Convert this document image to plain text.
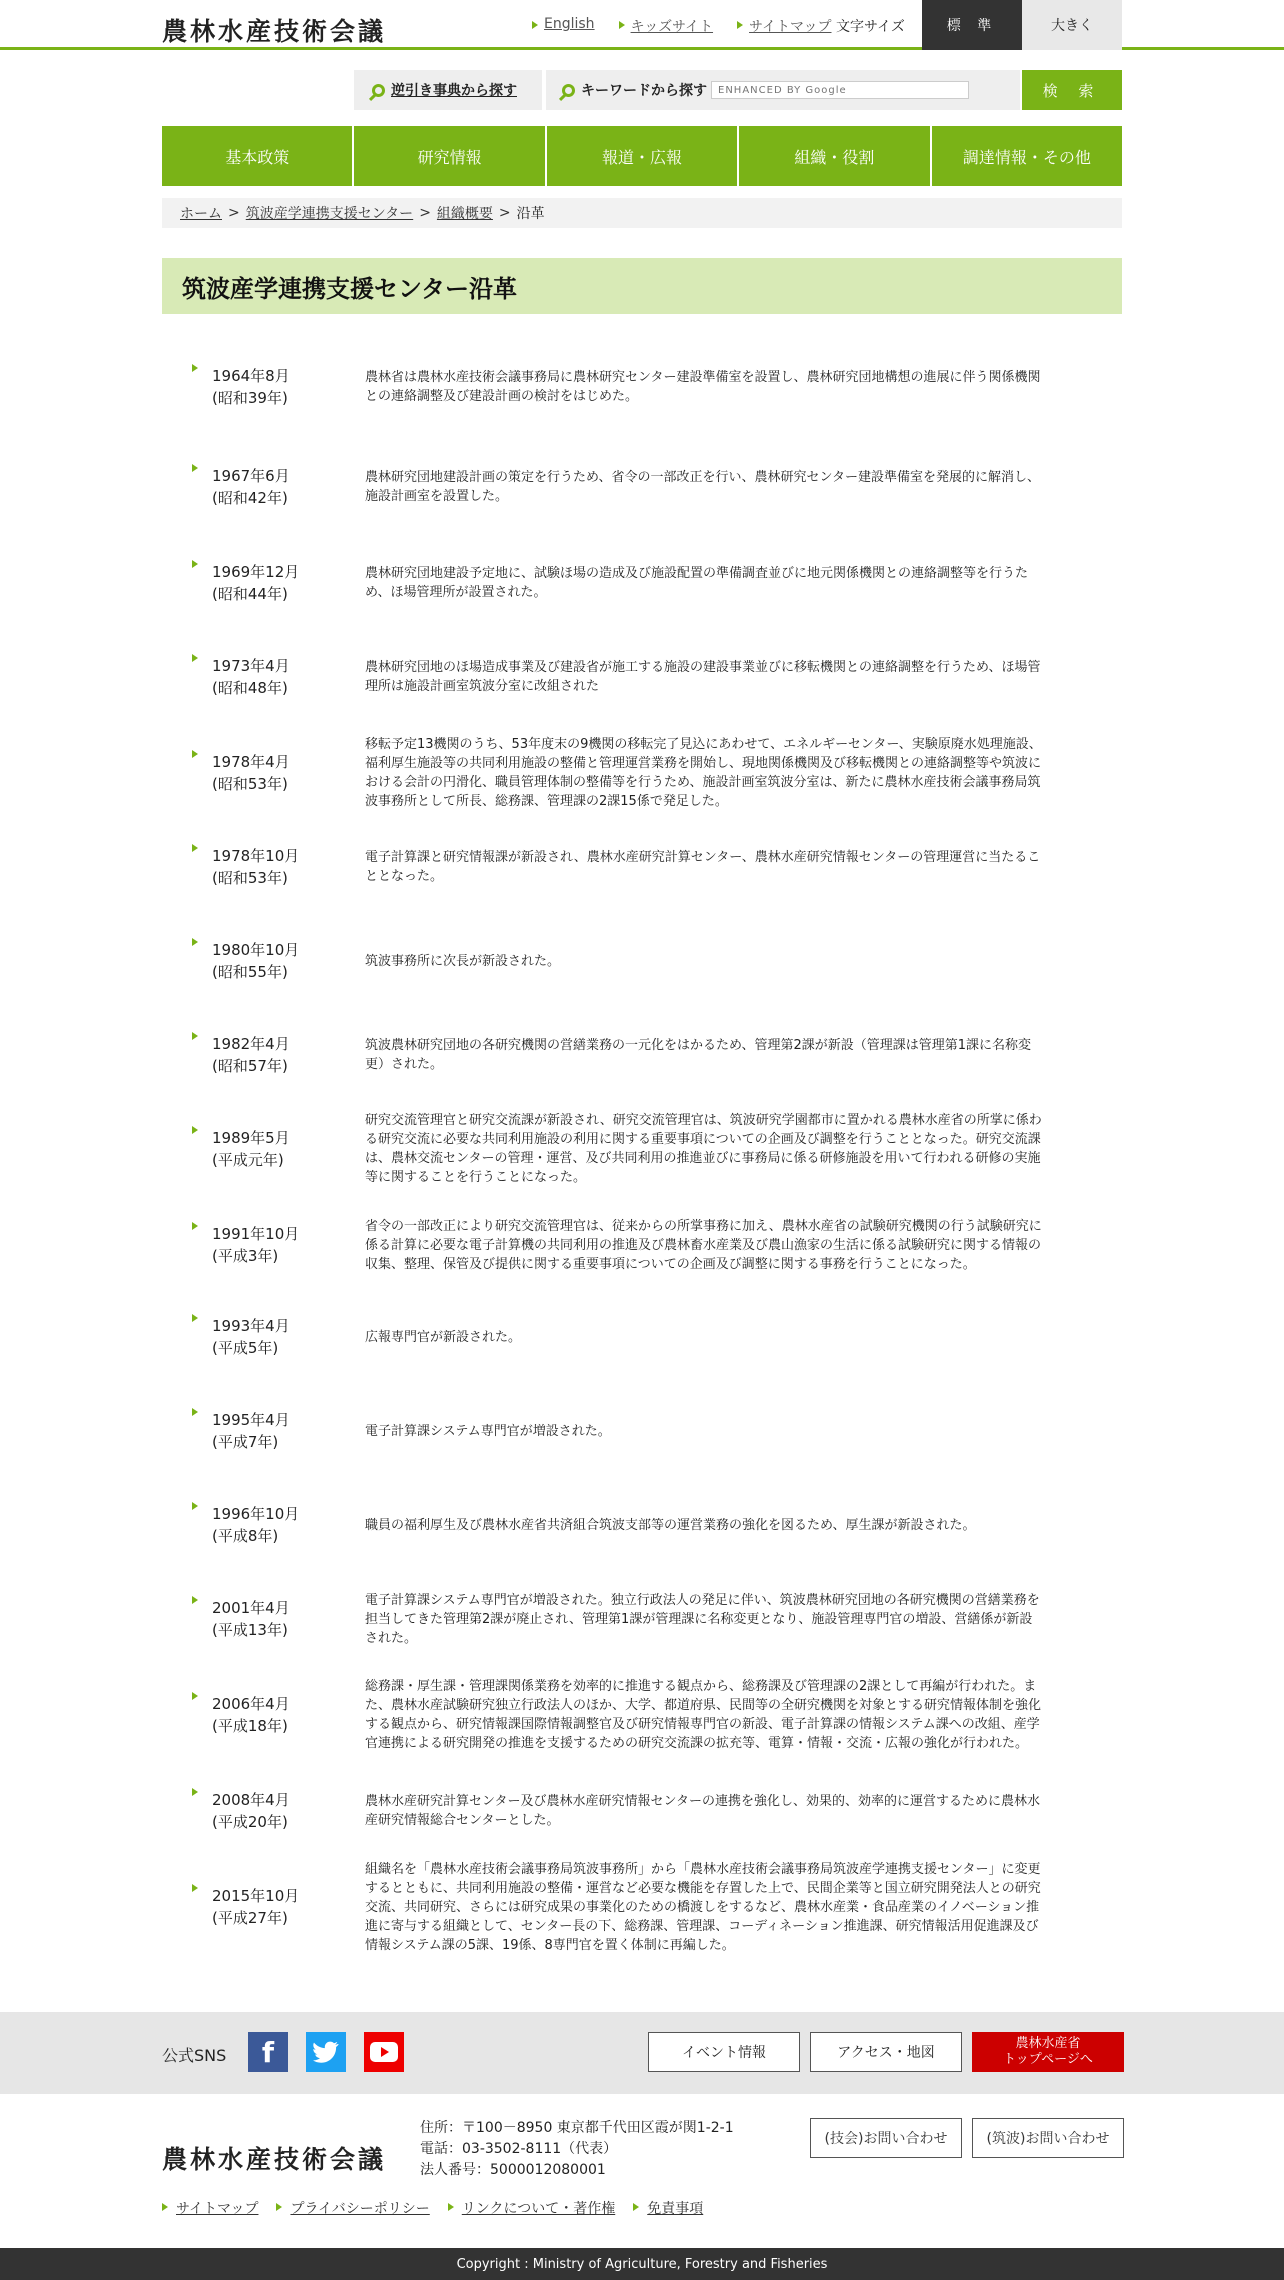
農林水産技術会議	English	キッズサイト	サイトマップ 文字サイズ	標 準	大きく
逆引き事典から探す	キーワードから探す
ENHANCED BY Google	検 索
基本政策	研究情報	報道・広報	組織・役割	調達情報・その他
ホーム > 筑波産学連携支援センター > 組織概要 > 沿革
筑波産学連携支援センター沿革
1964年8月
(昭和39年)
農林省は農林水産技術会議事務局に農林研究センター建設準備室を設置し、農林研究団地構想の進展に伴う関係機関との連絡調整及び建設計画の検討をはじめた。
1967年6月
(昭和42年)
農林研究団地建設計画の策定を行うため、省令の一部改正を行い、農林研究センター建設準備室を発展的に解消し、施設計画室を設置した。
1969年12月
(昭和44年)
農林研究団地建設予定地に、試験ほ場の造成及び施設配置の準備調査並びに地元関係機関との連絡調整等を行うため、ほ場管理所が設置された。
1973年4月
(昭和48年)
農林研究団地のほ場造成事業及び建設省が施工する施設の建設事業並びに移転機関との連絡調整を行うため、ほ場管理所は施設計画室筑波分室に改組された
1978年4月
(昭和53年)
移転予定13機関のうち、53年度末の9機関の移転完了見込にあわせて、エネルギーセンター、実験原廃水処理施設、福利厚生施設等の共同利用施設の整備と管理運営業務を開始し、現地関係機関及び移転機関との連絡調整等や筑波における会計の円滑化、職員管理体制の整備等を行うため、施設計画室筑波分室は、新たに農林水産技術会議事務局筑波事務所として所長、総務課、管理課の2課15係で発足した。
1978年10月
(昭和53年)
電子計算課と研究情報課が新設され、農林水産研究計算センター、農林水産研究情報センターの管理運営に当たることとなった。
1980年10月
(昭和55年)
筑波事務所に次長が新設された。
1982年4月
(昭和57年)
筑波農林研究団地の各研究機関の営繕業務の一元化をはかるため、管理第2課が新設（管理課は管理第1課に名称変更）された。
1989年5月
(平成元年)
研究交流管理官と研究交流課が新設され、研究交流管理官は、筑波研究学園都市に置かれる農林水産省の所掌に係わる研究交流に必要な共同利用施設の利用に関する重要事項についての企画及び調整を行うこととなった。研究交流課は、農林交流センターの管理・運営、及び共同利用の推進並びに事務局に係る研修施設を用いて行われる研修の実施等に関することを行うことになった。
1991年10月
(平成3年)
省令の一部改正により研究交流管理官は、従来からの所掌事務に加え、農林水産省の試験研究機関の行う試験研究に係る計算に必要な電子計算機の共同利用の推進及び農林畜水産業及び農山漁家の生活に係る試験研究に関する情報の収集、整理、保管及び提供に関する重要事項についての企画及び調整に関する事務を行うことになった。
1993年4月
(平成5年)
広報専門官が新設された。
1995年4月
(平成7年)
電子計算課システム専門官が増設された。
1996年10月
(平成8年)
職員の福利厚生及び農林水産省共済組合筑波支部等の運営業務の強化を図るため、厚生課が新設された。
2001年4月
(平成13年)
電子計算課システム専門官が増設された。独立行政法人の発足に伴い、筑波農林研究団地の各研究機関の営繕業務を担当してきた管理第2課が廃止され、管理第1課が管理課に名称変更となり、施設管理専門官の増設、営繕係が新設された。
2006年4月
(平成18年)
総務課・厚生課・管理課関係業務を効率的に推進する観点から、総務課及び管理課の2課として再編が行われた。また、農林水産試験研究独立行政法人のほか、大学、都道府県、民間等の全研究機関を対象とする研究情報体制を強化する観点から、研究情報課国際情報調整官及び研究情報専門官の新設、電子計算課の情報システム課への改組、産学官連携による研究開発の推進を支援するための研究交流課の拡充等、電算・情報・交流・広報の強化が行われた。
2008年4月
(平成20年)
農林水産研究計算センター及び農林水産研究情報センターの連携を強化し、効果的、効率的に運営するために農林水産研究情報総合センターとした。
2015年10月
(平成27年)
組織名を「農林水産技術会議事務局筑波事務所」から「農林水産技術会議事務局筑波産学連携支援センター」に変更するとともに、共同利用施設の整備・運営など必要な機能を存置した上で、民間企業等と国立研究開発法人との研究交流、共同研究、さらには研究成果の事業化のための橋渡しをするなど、農林水産業・食品産業のイノベーション推進に寄与する組織として、センター長の下、総務課、管理課、コーディネーション推進課、研究情報活用促進課及び情報システム課の5課、19係、8専門官を置く体制に再編した。
公式SNS	f	イベント情報	アクセス・地図
農林水産省
トップページへ
農林水産技術会議
住所：〒100－8950 東京都千代田区霞が関1-2-1
電話：03-3502-8111（代表）
法人番号：5000012080001
(技会)お問い合わせ	(筑波)お問い合わせ
サイトマップ	プライバシーポリシー	リンクについて・著作権	免責事項
Copyright : Ministry of Agriculture, Forestry and Fisheries
